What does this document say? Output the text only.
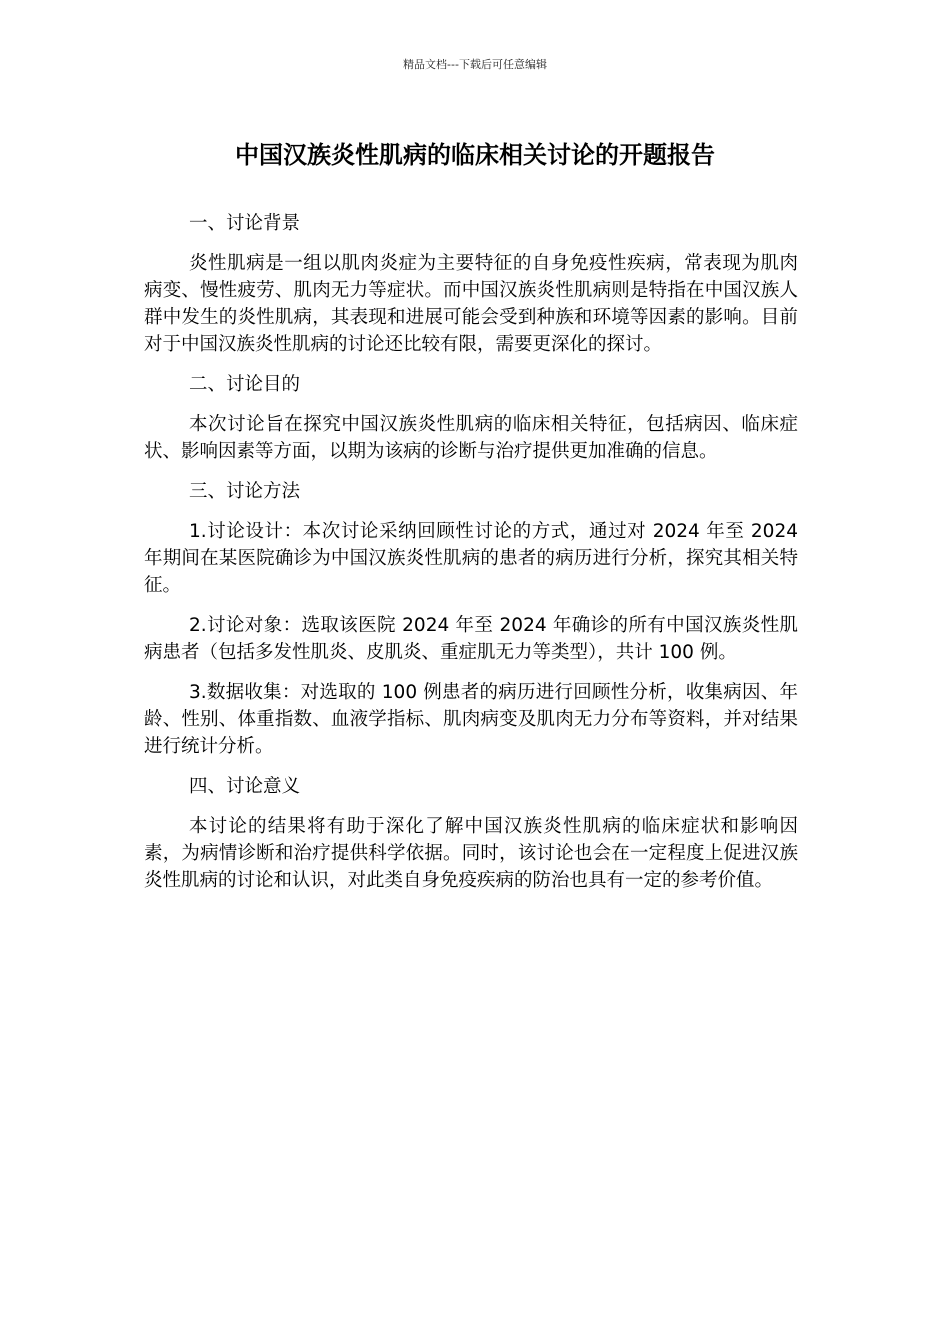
精品文档---下载后可任意编辑
中国汉族炎性肌病的临床相关讨论的开题报告

一、讨论背景

炎性肌病是一组以肌肉炎症为主要特征的自身免疫性疾病，常表现为肌肉病变、慢性疲劳、肌肉无力等症状。而中国汉族炎性肌病则是特指在中国汉族人群中发生的炎性肌病，其表现和进展可能会受到种族和环境等因素的影响。目前对于中国汉族炎性肌病的讨论还比较有限，需要更深化的探讨。

二、讨论目的

本次讨论旨在探究中国汉族炎性肌病的临床相关特征，包括病因、临床症状、影响因素等方面，以期为该病的诊断与治疗提供更加准确的信息。

三、讨论方法

1.讨论设计：本次讨论采纳回顾性讨论的方式，通过对 2024 年至 2024 年期间在某医院确诊为中国汉族炎性肌病的患者的病历进行分析，探究其相关特征。

2.讨论对象：选取该医院 2024 年至 2024 年确诊的所有中国汉族炎性肌病患者（包括多发性肌炎、皮肌炎、重症肌无力等类型），共计 100 例。

3.数据收集：对选取的 100 例患者的病历进行回顾性分析，收集病因、年龄、性别、体重指数、血液学指标、肌肉病变及肌肉无力分布等资料，并对结果进行统计分析。

四、讨论意义

本讨论的结果将有助于深化了解中国汉族炎性肌病的临床症状和影响因素，为病情诊断和治疗提供科学依据。同时，该讨论也会在一定程度上促进汉族炎性肌病的讨论和认识，对此类自身免疫疾病的防治也具有一定的参考价值。
